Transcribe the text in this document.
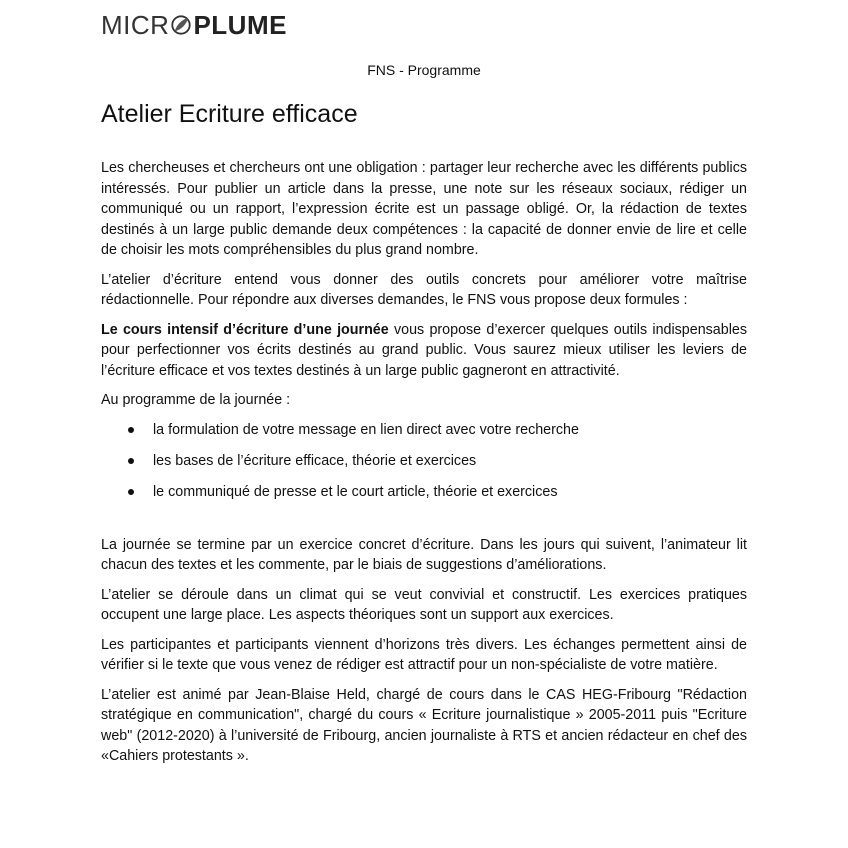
MICR PLUME
FNS - Programme
Atelier Ecriture efficace

Les chercheuses et chercheurs ont une obligation : partager leur recherche avec les différents publics intéressés. Pour publier un article dans la presse, une note sur les réseaux sociaux, rédiger un communiqué ou un rapport, l’expression écrite est un passage obligé. Or, la rédaction de textes destinés à un large public demande deux compétences : la capacité de donner envie de lire et celle de choisir les mots compréhensibles du plus grand nombre.

L’atelier d’écriture entend vous donner des outils concrets pour améliorer votre maîtrise rédactionnelle. Pour répondre aux diverses demandes, le FNS vous propose deux formules :

Le cours intensif d’écriture d’une journée vous propose d’exercer quelques outils indispensables pour perfectionner vos écrits destinés au grand public. Vous saurez mieux utiliser les leviers de l’écriture efficace et vos textes destinés à un large public gagneront en attractivité.

Au programme de la journée :

la formulation de votre message en lien direct avec votre recherche
les bases de l’écriture efficace, théorie et exercices
le communiqué de presse et le court article, théorie et exercices

La journée se termine par un exercice concret d’écriture. Dans les jours qui suivent, l’animateur lit chacun des textes et les commente, par le biais de suggestions d’améliorations.

L’atelier se déroule dans un climat qui se veut convivial et constructif. Les exercices pratiques occupent une large place. Les aspects théoriques sont un support aux exercices.

Les participantes et participants viennent d’horizons très divers. Les échanges permettent ainsi de vérifier si le texte que vous venez de rédiger est attractif pour un non-spécialiste de votre matière.

L’atelier est animé par Jean-Blaise Held, chargé de cours dans le CAS HEG-Fribourg "Rédaction stratégique en communication", chargé du cours « Ecriture journalistique » 2005-2011 puis "Ecriture web" (2012-2020) à l’université de Fribourg, ancien journaliste à RTS et ancien rédacteur en chef des «Cahiers protestants ».
